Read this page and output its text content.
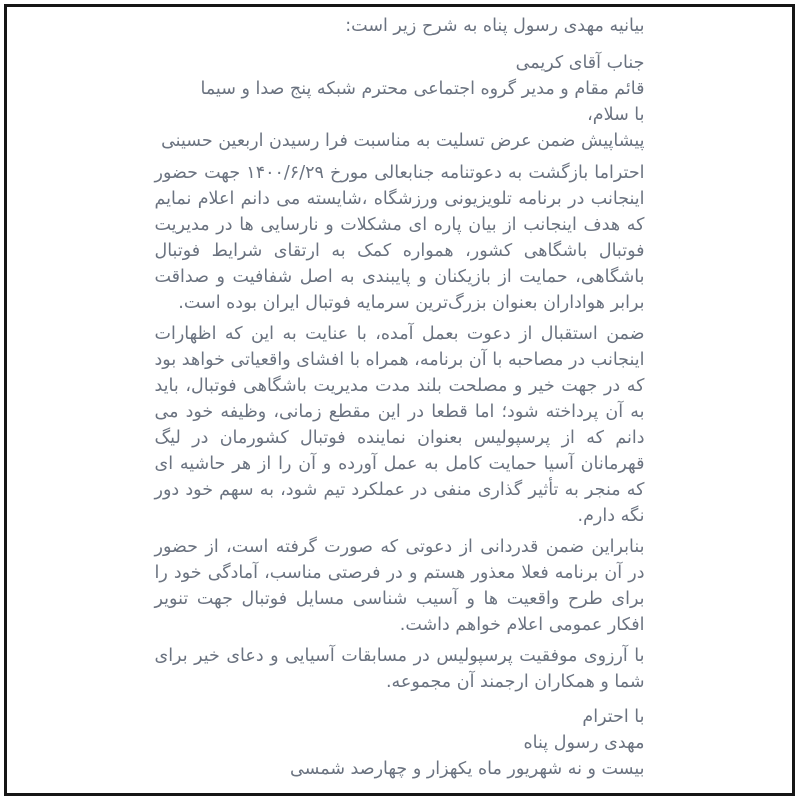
بیانیه مهدی رسول پناه به شرح زیر است:

جناب آقای کریمی

قائم مقام و مدیر گروه اجتماعی محترم شبکه پنج صدا و سیما

با سلام،

پیشاپیش ضمن عرض تسلیت به مناسبت فرا رسیدن اربعین حسینی

احتراما بازگشت به دعوتنامه جنابعالی مورخ ۱۴۰۰/۶/۲۹ جهت حضور اینجانب در برنامه تلویزیونی ورزشگاه ،شایسته می دانم اعلام نمایم که هدف اینجانب از بیان پاره ای مشکلات و نارسایی ها در مدیریت فوتبال باشگاهی کشور، همواره کمک به ارتقای شرایط فوتبال باشگاهی، حمایت از بازیکنان و پایبندی به اصل شفافیت و صداقت برابر هواداران بعنوان بزرگ‌ترین سرمایه فوتبال ایران بوده است.

ضمن استقبال از دعوت بعمل آمده، با عنایت به این که اظهارات اینجانب در مصاحبه با آن برنامه، همراه با افشای واقعیاتی خواهد بود که در جهت خیر و مصلحت بلند مدت مدیریت باشگاهی فوتبال، باید به آن پرداخته شود؛ اما قطعا در این مقطع زمانی، وظیفه خود می دانم که از پرسپولیس بعنوان نماینده فوتبال کشورمان در لیگ قهرمانان آسیا حمایت کامل به عمل آورده و آن را از هر حاشیه ای که منجر به تأثیر گذاری منفی در عملکرد تیم شود، به سهم خود دور نگه دارم.

بنابراین ضمن قدردانی از دعوتی که صورت گرفته است، از حضور در آن برنامه فعلا معذور هستم و در فرصتی مناسب، آمادگی خود را برای طرح واقعیت ها و آسیب شناسی مسایل فوتبال جهت تنویر افکار عمومی اعلام خواهم داشت.

با آرزوی موفقیت پرسپولیس در مسابقات آسیایی و دعای خیر برای شما و همکاران ارجمند آن مجموعه.

با احترام

مهدی رسول پناه

بیست و نه شهریور ماه یکهزار و چهارصد شمسی
